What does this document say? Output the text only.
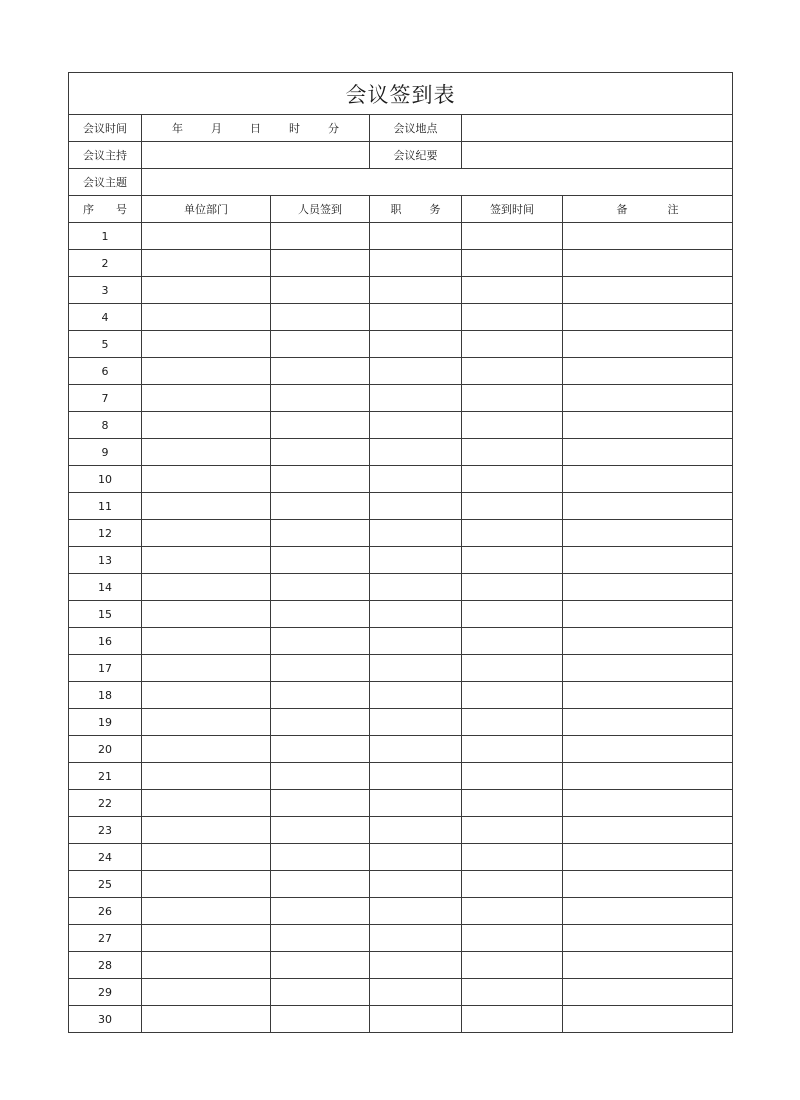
会议签到表					
会议时间	年 月 日 时 分		会议地点		
会议主持			会议纪要		
会议主题					
序 号	单位部门	人员签到	职 务	签到时间	备 注
1					
2					
3					
4					
5					
6					
7					
8					
9					
10					
11					
12					
13					
14					
15					
16					
17					
18					
19					
20					
21					
22					
23					
24					
25					
26					
27					
28					
29					
30					
